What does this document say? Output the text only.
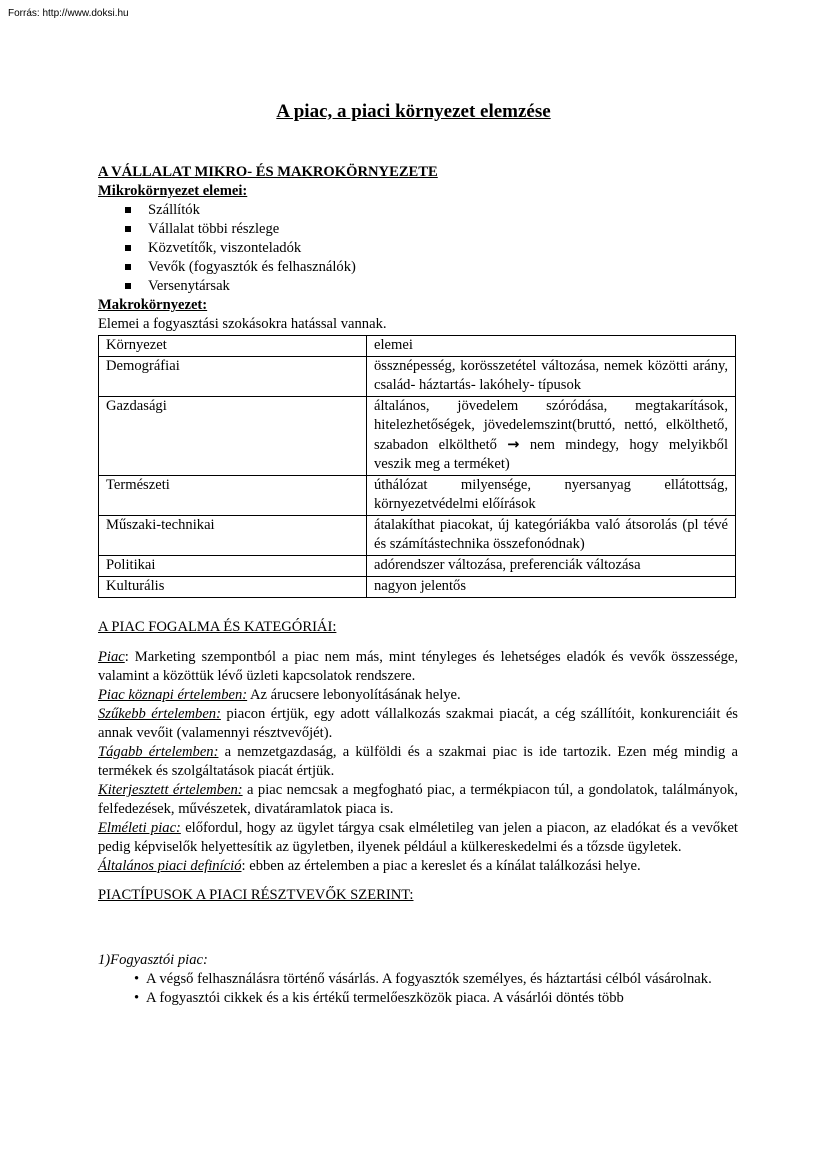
Forrás: http://www.doksi.hu
A piac, a piaci környezet elemzése
A VÁLLALAT MIKRO- ÉS MAKROKÖRNYEZETE
Mikrokörnyezet elemei:
Szállítók
Vállalat többi részlege
Közvetítők, viszonteladók
Vevők (fogyasztók és felhasználók)
Versenytársak
Makrokörnyezet:
Elemei a fogyasztási szokásokra hatással vannak.
Környezet	elemei
Demográfiai	össznépesség, korösszetétel változása, nemek közötti arány, család- háztartás- lakóhely- típusok
Gazdasági	általános, jövedelem szóródása, megtakarítások, hitelezhetőségek, jövedelemszint(bruttó, nettó, elkölthető, szabadon elkölthető → nem mindegy, hogy melyikből veszik meg a terméket)
Természeti	úthálózat milyensége, nyersanyag ellátottság, környezetvédelmi előírások
Műszaki-technikai	átalakíthat piacokat, új kategóriákba való átsorolás (pl tévé és számítástechnika összefonódnak)
Politikai	adórendszer változása, preferenciák változása
Kulturális	nagyon jelentős
A PIAC FOGALMA ÉS KATEGÓRIÁI:

Piac: Marketing szempontból a piac nem más, mint tényleges és lehetséges eladók és vevők összessége, valamint a közöttük lévő üzleti kapcsolatok rendszere.

Piac köznapi értelemben: Az árucsere lebonyolításának helye.

Szűkebb értelemben: piacon értjük, egy adott vállalkozás szakmai piacát, a cég szállítóit, konkurenciáit és annak vevőit (valamennyi résztvevőjét).

Tágabb értelemben: a nemzetgazdaság, a külföldi és a szakmai piac is ide tartozik. Ezen még mindig a termékek és szolgáltatások piacát értjük.

Kiterjesztett értelemben: a piac nemcsak a megfogható piac, a termékpiacon túl, a gondolatok, találmányok, felfedezések, művészetek, divatáramlatok piaca is.

Elméleti piac: előfordul, hogy az ügylet tárgya csak elméletileg van jelen a piacon, az eladókat és a vevőket pedig képviselők helyettesítik az ügyletben, ilyenek például a külkereskedelmi és a tőzsde ügyletek.

Általános piaci definíció: ebben az értelemben a piac a kereslet és a kínálat találkozási helye.

PIACTÍPUSOK A PIACI RÉSZTVEVŐK SZERINT:
1)Fogyasztói piac:
• A végső felhasználásra történő vásárlás. A fogyasztók személyes, és háztartási célból vásárolnak.
• A fogyasztói cikkek és a kis értékű termelőeszközök piaca. A vásárlói döntés több
